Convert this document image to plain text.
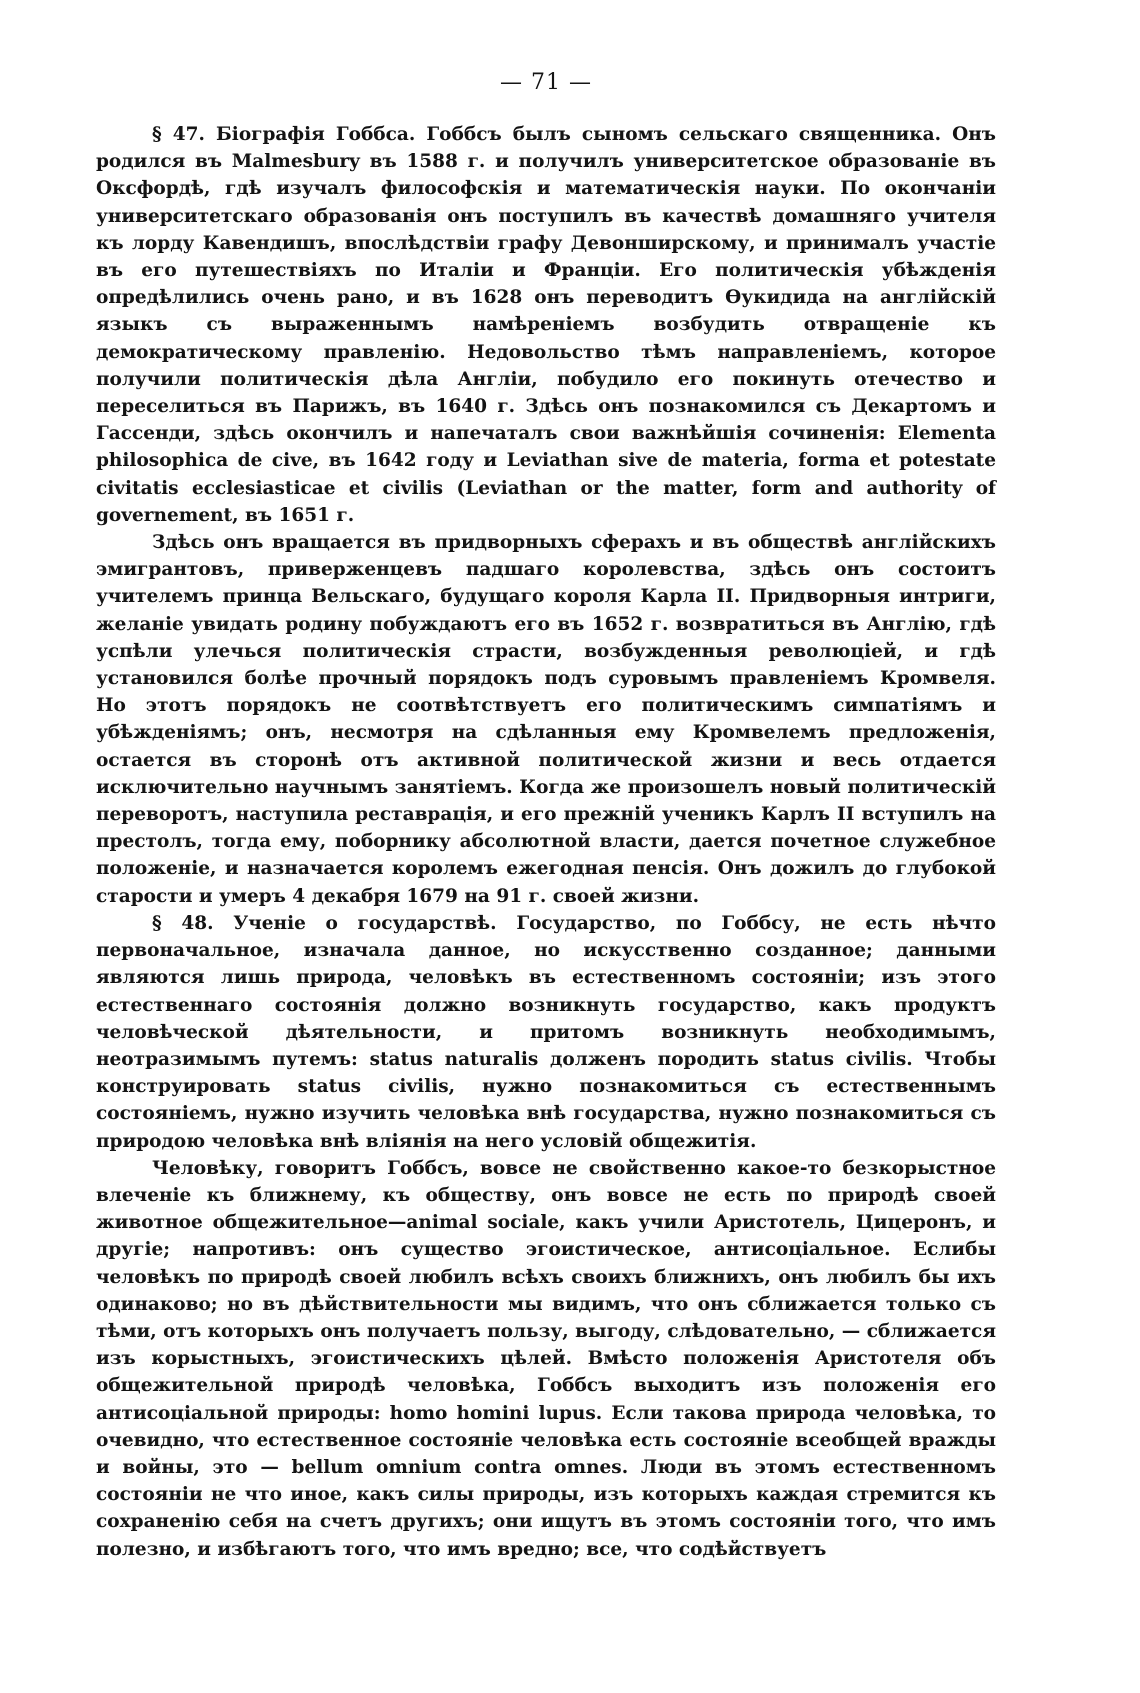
— 71 —

§ 47. Біографія Гоббса. Гоббсъ былъ сыномъ сельскаго священника. Онъ родился въ Malmesbury въ 1588 г. и получилъ университетское образованіе въ Оксфордѣ, гдѣ изучалъ философскія и математическія науки. По окончаніи университетскаго образованія онъ поступилъ въ качествѣ домашняго учителя къ лорду Кавендишъ, впослѣдствіи графу Девонширскому, и принималъ участіе въ его путешествіяхъ по Италіи и Франціи. Его политическія убѣжденія опредѣлились очень рано, и въ 1628 онъ переводитъ Ѳукидида на англійскій языкъ съ выраженнымъ намѣреніемъ возбудить отвращеніе къ демократическому правленію. Недовольство тѣмъ направленіемъ, которое получили политическія дѣла Англіи, побудило его покинуть отечество и переселиться въ Парижъ, въ 1640 г. Здѣсь онъ познакомился съ Декартомъ и Гассенди, здѣсь окончилъ и напечаталъ свои важнѣйшія сочиненія: Elementa philosophica de cive, въ 1642 году и Leviathan sive de materia, forma et potestate civitatis ecclesiasticae et civilis (Leviathan or the matter, form and authority of governement, въ 1651 г.

Здѣсь онъ вращается въ придворныхъ сферахъ и въ обществѣ англійскихъ эмигрантовъ, приверженцевъ падшаго королевства, здѣсь онъ состоитъ учителемъ принца Вельскаго, будущаго короля Карла II. Придворныя интриги, желаніе увидать родину побуждаютъ его въ 1652 г. возвратиться въ Англію, гдѣ успѣли улечься политическія страсти, возбужденныя революціей, и гдѣ установился болѣе прочный порядокъ подъ суровымъ правленіемъ Кромвеля. Но этотъ порядокъ не соотвѣтствуетъ его политическимъ симпатіямъ и убѣжденіямъ; онъ, несмотря на сдѣланныя ему Кромвелемъ предложенія, остается въ сторонѣ отъ активной политической жизни и весь отдается исключительно научнымъ занятіемъ. Когда же произошелъ новый политическій переворотъ, наступила реставрація, и его прежній ученикъ Карлъ II вступилъ на престолъ, тогда ему, поборнику абсолютной власти, дается почетное служебное положеніе, и назначается королемъ ежегодная пенсія. Онъ дожилъ до глубокой старости и умеръ 4 декабря 1679 на 91 г. своей жизни.

§ 48. Ученіе о государствѣ. Государство, по Гоббсу, не есть нѣчто первоначальное, изначала данное, но искусственно созданное; данными являются лишь природа, человѣкъ въ естественномъ состояніи; изъ этого естественнаго состоянія должно возникнуть государство, какъ продуктъ человѣческой дѣятельности, и притомъ возникнуть необходимымъ, неотразимымъ путемъ: status naturalis долженъ породить status civilis. Чтобы конструировать status civilis, нужно познакомиться съ естественнымъ состояніемъ, нужно изучить человѣка внѣ государства, нужно познакомиться съ природою человѣка внѣ вліянія на него условій общежитія.

Человѣку, говоритъ Гоббсъ, вовсе не свойственно какое-то безкорыстное влеченіе къ ближнему, къ обществу, онъ вовсе не есть по природѣ своей животное общежительное—animal sociale, какъ учили Аристотель, Цицеронъ, и другіе; напротивъ: онъ существо эгоистическое, антисоціальное. Еслибы человѣкъ по природѣ своей любилъ всѣхъ своихъ ближнихъ, онъ любилъ бы ихъ одинаково; но въ дѣйствительности мы видимъ, что онъ сближается только съ тѣми, отъ которыхъ онъ получаетъ пользу, выгоду, слѣдовательно, — сближается изъ корыстныхъ, эгоистическихъ цѣлей. Вмѣсто положенія Аристотеля объ общежительной природѣ человѣка, Гоббсъ выходитъ изъ положенія его антисоціальной природы: homo homini lupus. Если такова природа человѣка, то очевидно, что естественное состояніе человѣка есть состояніе всеобщей вражды и войны, это — bellum omnium contra omnes. Люди въ этомъ естественномъ состояніи не что иное, какъ силы природы, изъ которыхъ каждая стремится къ сохраненію себя на счетъ другихъ; они ищутъ въ этомъ состояніи того, что имъ полезно, и избѣгаютъ того, что имъ вредно; все, что содѣйствуетъ
